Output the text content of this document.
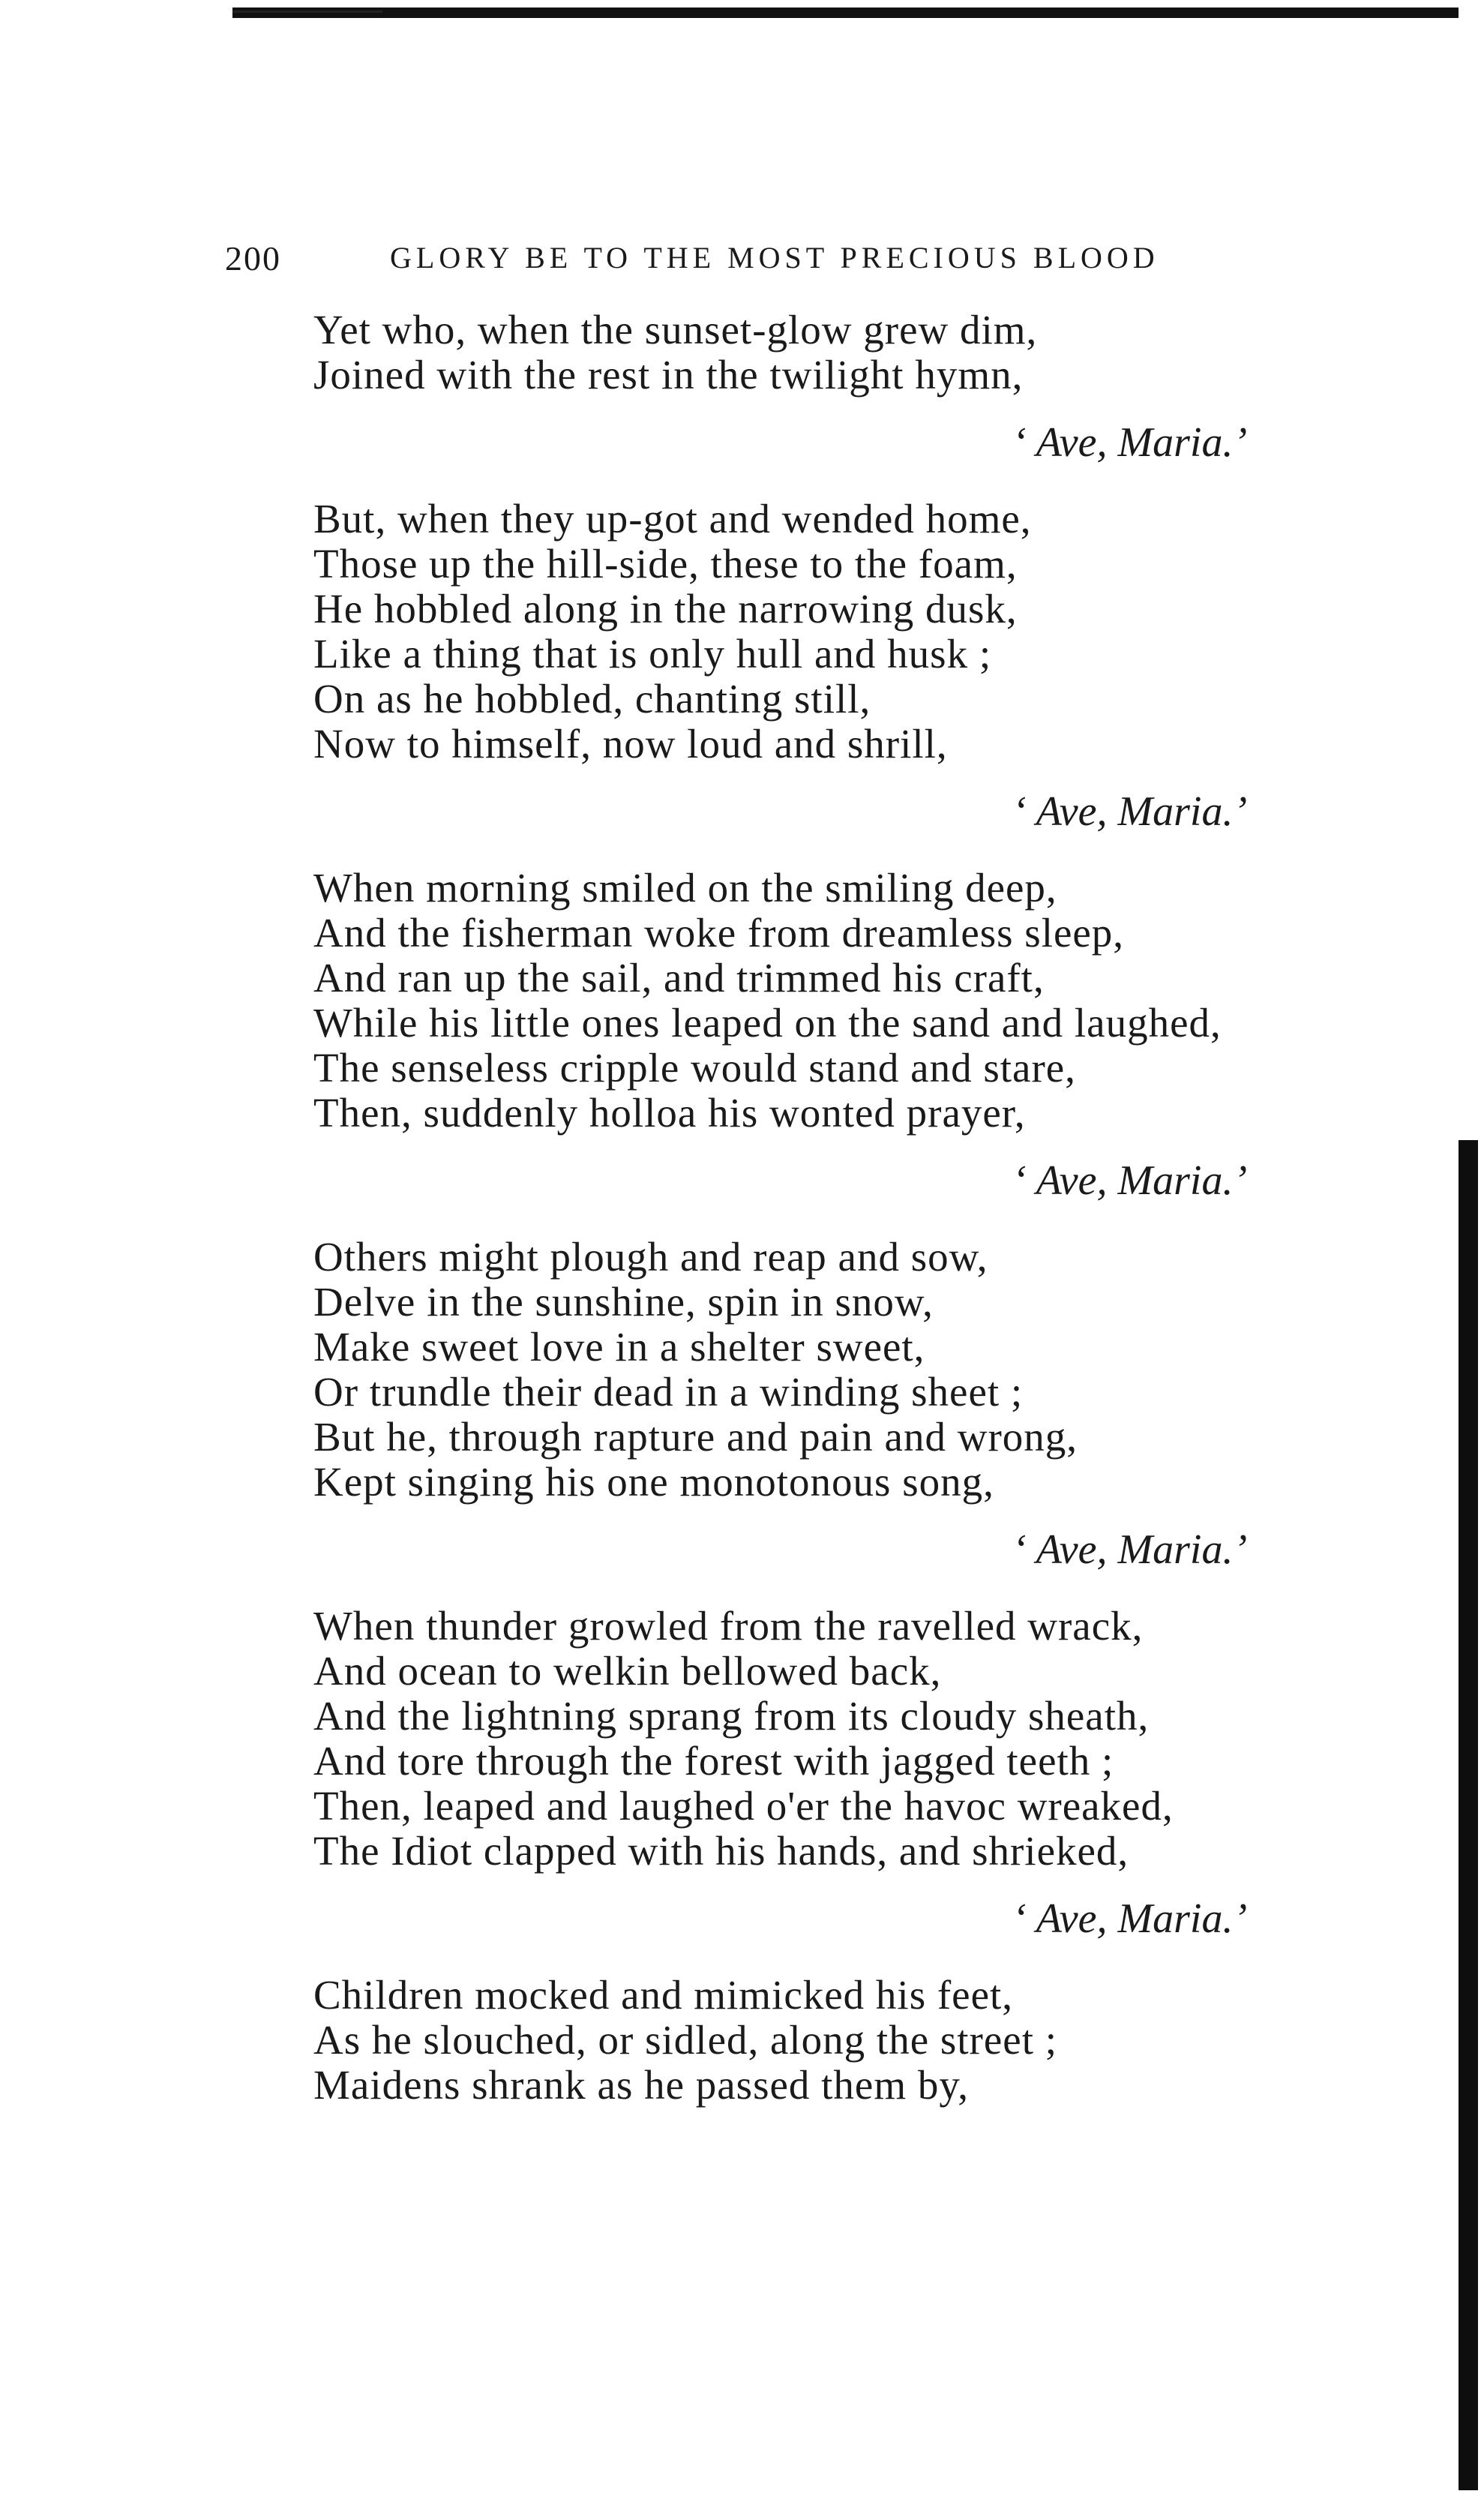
200	GLORY BE TO THE MOST PRECIOUS BLOOD
Yet who, when the sunset-glow grew dim,
Joined with the rest in the twilight hymn,
‘ Ave, Maria.’
But, when they up-got and wended home,
Those up the hill-side, these to the foam,
He hobbled along in the narrowing dusk,
Like a thing that is only hull and husk ;
On as he hobbled, chanting still,
Now to himself, now loud and shrill,
‘ Ave, Maria.’
When morning smiled on the smiling deep,
And the fisherman woke from dreamless sleep,
And ran up the sail, and trimmed his craft,
While his little ones leaped on the sand and laughed,
The senseless cripple would stand and stare,
Then, suddenly holloa his wonted prayer,
‘ Ave, Maria.’
Others might plough and reap and sow,
Delve in the sunshine, spin in snow,
Make sweet love in a shelter sweet,
Or trundle their dead in a winding sheet ;
But he, through rapture and pain and wrong,
Kept singing his one monotonous song,
‘ Ave, Maria.’
When thunder growled from the ravelled wrack,
And ocean to welkin bellowed back,
And the lightning sprang from its cloudy sheath,
And tore through the forest with jagged teeth ;
Then, leaped and laughed o'er the havoc wreaked,
The Idiot clapped with his hands, and shrieked,
‘ Ave, Maria.’
Children mocked and mimicked his feet,
As he slouched, or sidled, along the street ;
Maidens shrank as he passed them by,
